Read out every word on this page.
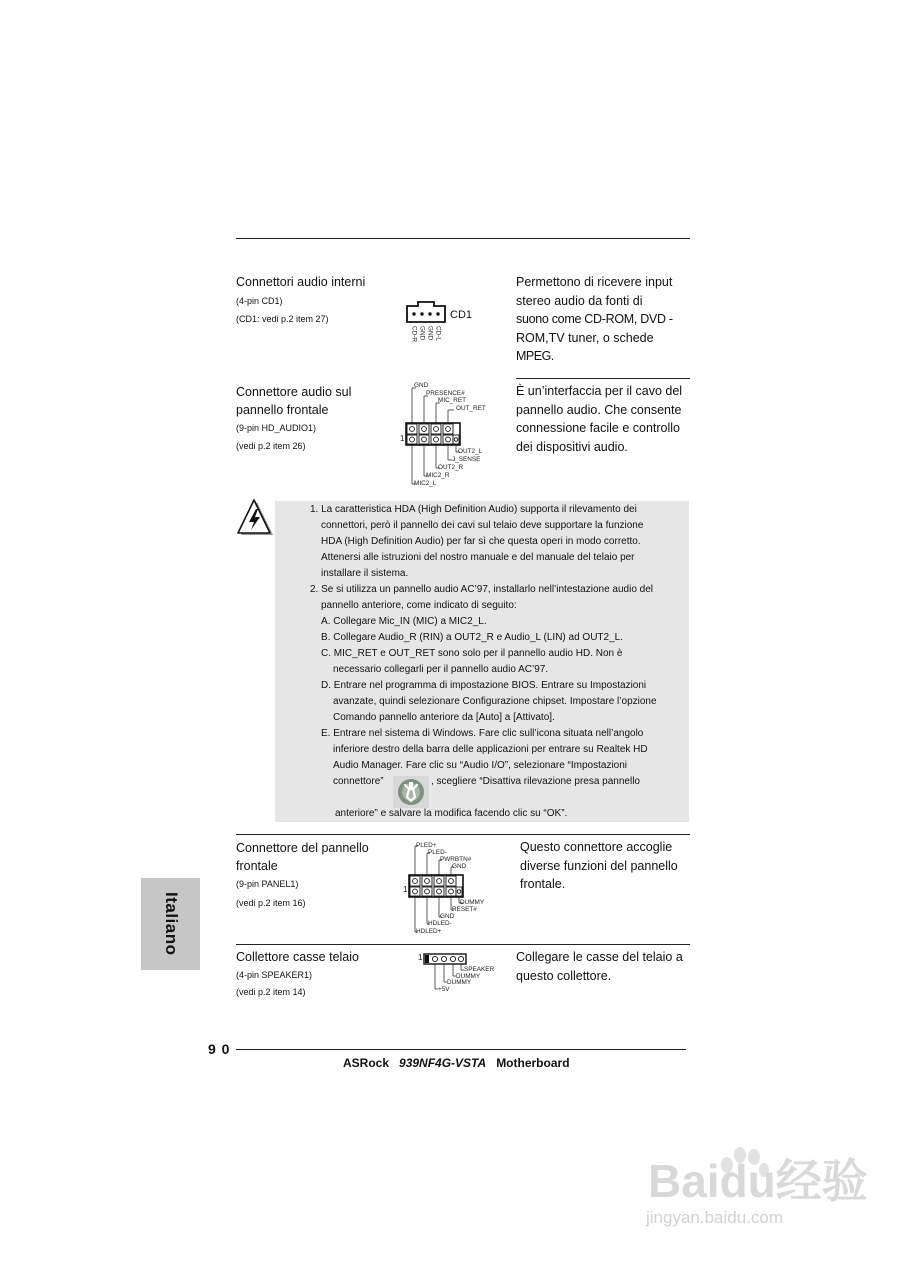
Connettori audio interni
(4-pin CD1)
(CD1: vedi p.2 item 27)	CD1
CD-R GND GND CD-L
Permettono di ricevere input
stereo audio da fonti di
suono come CD-ROM, DVD -
ROM,TV tuner, o schede
MPEG.
Connettore audio sul
pannello frontale
(9-pin HD_AUDIO1)
(vedi p.2 item 26)
1
GND
PRESENCE#
MIC_RET
OUT_RET
OUT2_L
J_SENSE
OUT2_R
MIC2_R
MIC2_L
È un’interfaccia per il cavo del
pannello audio. Che consente
connessione facile e controllo
dei dispositivi audio.
1. La caratteristica HDA (High Definition Audio) supporta il rilevamento dei
connettori, però il pannello dei cavi sul telaio deve supportare la funzione
HDA (High Definition Audio) per far sì che questa operi in modo corretto.
Attenersi alle istruzioni del nostro manuale e del manuale del telaio per
installare il sistema.
2. Se si utilizza un pannello audio AC’97, installarlo nell’intestazione audio del
pannello anteriore, come indicato di seguito:
A. Collegare Mic_IN (MIC) a MIC2_L.
B. Collegare Audio_R (RIN) a OUT2_R e Audio_L (LIN) ad OUT2_L.
C. MIC_RET e OUT_RET sono solo per il pannello audio HD. Non è
necessario collegarli per il pannello audio AC’97.
D. Entrare nel programma di impostazione BIOS. Entrare su Impostazioni
avanzate, quindi selezionare Configurazione chipset. Impostare l’opzione
Comando pannello anteriore da [Auto] a [Attivato].
E. Entrare nel sistema di Windows. Fare clic sull’icona situata nell’angolo
inferiore destro della barra delle applicazioni per entrare su Realtek HD
Audio Manager. Fare clic su “Audio I/O”, selezionare “Impostazioni
connettore”	, scegliere “Disattiva rilevazione presa pannello
anteriore” e salvare la modifica facendo clic su “OK”.
Connettore del pannello
frontale
(9-pin PANEL1)
(vedi p.2 item 16)
1
PLED+
PLED-
PWRBTN#
GND
DUMMY
RESET#
GND
HDLED-
HDLED+
Questo connettore accoglie
diverse funzioni del pannello
frontale.
Collettore casse telaio
(4-pin SPEAKER1)
(vedi p.2 item 14)
1
SPEAKER
DUMMY
DUMMY
+5V
Collegare le casse del telaio a
questo collettore.
Italiano
9 0
ASRock 939NF4G-VSTA Motherboard
Baidu经验
jingyan.baidu.com
